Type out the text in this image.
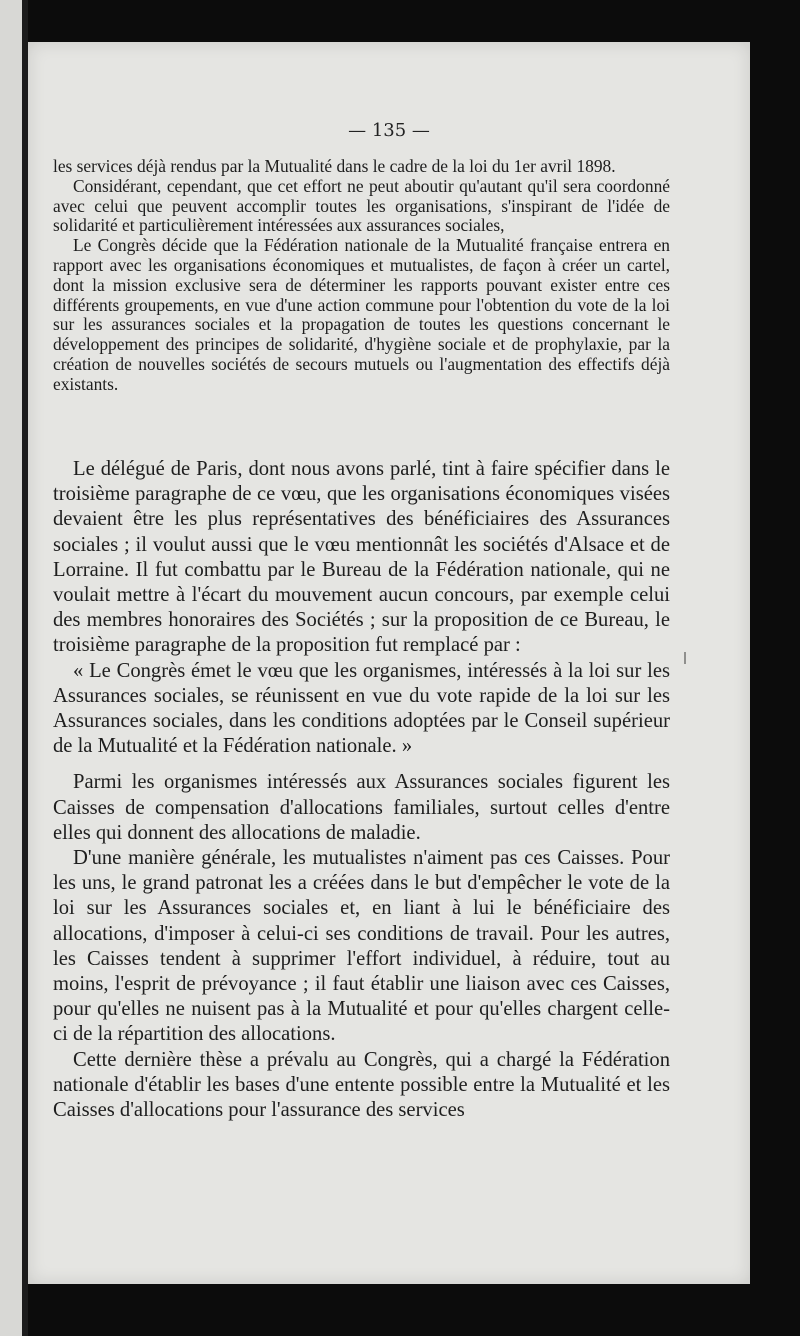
— 135 —

les services déjà rendus par la Mutualité dans le cadre de la loi du 1er avril 1898.

Considérant, cependant, que cet effort ne peut aboutir qu'autant qu'il sera coordonné avec celui que peuvent accomplir toutes les organisations, s'inspirant de l'idée de solidarité et particulièrement intéressées aux assurances sociales,

Le Congrès décide que la Fédération nationale de la Mutualité française entrera en rapport avec les organisations économiques et mutualistes, de façon à créer un cartel, dont la mission exclusive sera de déterminer les rapports pouvant exister entre ces différents groupements, en vue d'une action commune pour l'obtention du vote de la loi sur les assurances sociales et la propagation de toutes les questions concernant le développement des principes de solidarité, d'hygiène sociale et de prophylaxie, par la création de nouvelles sociétés de secours mutuels ou l'augmentation des effectifs déjà existants.

Le délégué de Paris, dont nous avons parlé, tint à faire spécifier dans le troisième paragraphe de ce vœu, que les organisations économiques visées devaient être les plus représentatives des bénéficiaires des Assurances sociales ; il voulut aussi que le vœu mentionnât les sociétés d'Alsace et de Lorraine. Il fut combattu par le Bureau de la Fédération nationale, qui ne voulait mettre à l'écart du mouvement aucun concours, par exemple celui des membres honoraires des Sociétés ; sur la proposition de ce Bureau, le troisième paragraphe de la proposition fut remplacé par :

« Le Congrès émet le vœu que les organismes, intéressés à la loi sur les Assurances sociales, se réunissent en vue du vote rapide de la loi sur les Assurances sociales, dans les conditions adoptées par le Conseil supérieur de la Mutualité et la Fédération nationale. »

Parmi les organismes intéressés aux Assurances sociales figurent les Caisses de compensation d'allocations familiales, surtout celles d'entre elles qui donnent des allocations de maladie.

D'une manière générale, les mutualistes n'aiment pas ces Caisses. Pour les uns, le grand patronat les a créées dans le but d'empêcher le vote de la loi sur les Assurances sociales et, en liant à lui le bénéficiaire des allocations, d'imposer à celui-ci ses conditions de travail. Pour les autres, les Caisses tendent à supprimer l'effort individuel, à réduire, tout au moins, l'esprit de prévoyance ; il faut établir une liaison avec ces Caisses, pour qu'elles ne nuisent pas à la Mutualité et pour qu'elles chargent celle-ci de la répartition des allocations.

Cette dernière thèse a prévalu au Congrès, qui a chargé la Fédération nationale d'établir les bases d'une entente possible entre la Mutualité et les Caisses d'allocations pour l'assurance des services
